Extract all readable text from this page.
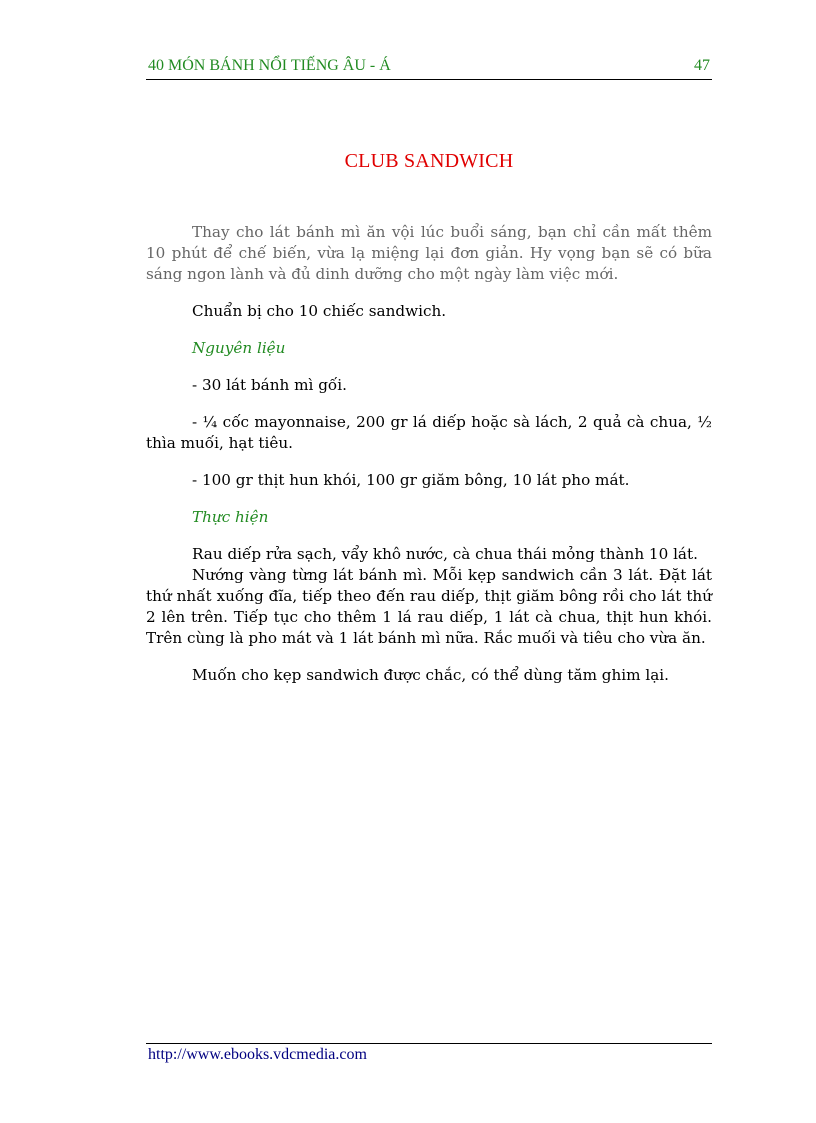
40 MÓN BÁNH NỔI TIẾNG ÂU - Á	47
CLUB SANDWICH

Thay cho lát bánh mì ăn vội lúc buổi sáng, bạn chỉ cần mất thêm 10 phút để chế biến, vừa lạ miệng lại đơn giản. Hy vọng bạn sẽ có bữa sáng ngon lành và đủ dinh dưỡng cho một ngày làm việc mới.

Chuẩn bị cho 10 chiếc sandwich.

Nguyên liệu

- 30 lát bánh mì gối.

- ¼ cốc mayonnaise, 200 gr lá diếp hoặc sà lách, 2 quả cà chua, ½ thìa muối, hạt tiêu.

- 100 gr thịt hun khói, 100 gr giăm bông, 10 lát pho mát.

Thực hiện

Rau diếp rửa sạch, vẩy khô nước, cà chua thái mỏng thành 10 lát.

Nướng vàng từng lát bánh mì. Mỗi kẹp sandwich cần 3 lát. Đặt lát thứ nhất xuống đĩa, tiếp theo đến rau diếp, thịt giăm bông rồi cho lát thứ 2 lên trên. Tiếp tục cho thêm 1 lá rau diếp, 1 lát cà chua, thịt hun khói. Trên cùng là pho mát và 1 lát bánh mì nữa. Rắc muối và tiêu cho vừa ăn.

Muốn cho kẹp sandwich được chắc, có thể dùng tăm ghim lại.

http://www.ebooks.vdcmedia.com
